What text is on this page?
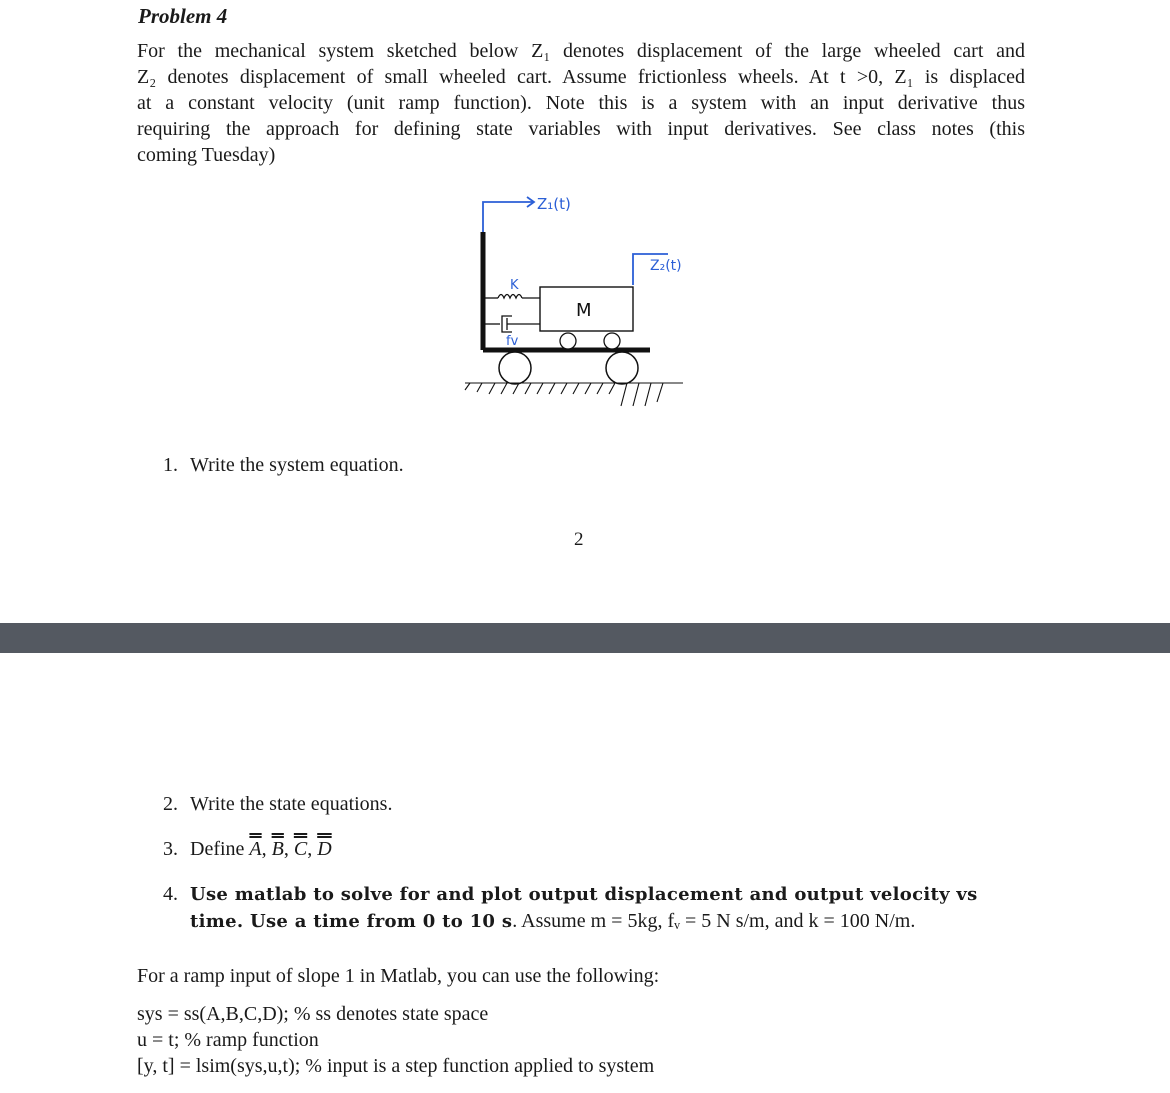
Problem 4
For the mechanical system sketched below Z₁ denotes displacement of the large wheeled cart and
Z₂ denotes displacement of small wheeled cart. Assume frictionless wheels. At t >0, Z₁ is displaced
at a constant velocity (unit ramp function). Note this is a system with an input derivative thus
requiring the approach for defining state variables with input derivatives. See class notes (this
coming Tuesday)
Z₁(t)
Z₂(t)
K
fv
M
1. Write the system equation.
2
2. Write the state equations.
3. Define A, B, C, D
4. Use matlab to solve for and plot output displacement and output velocity vs
time. Use a time from 0 to 10 s. Assume m = 5kg, fᵥ = 5 N s/m, and k = 100 N/m.
For a ramp input of slope 1 in Matlab, you can use the following:
sys = ss(A,B,C,D); % ss denotes state space
u = t; % ramp function
[y, t] = lsim(sys,u,t); % input is a step function applied to system
